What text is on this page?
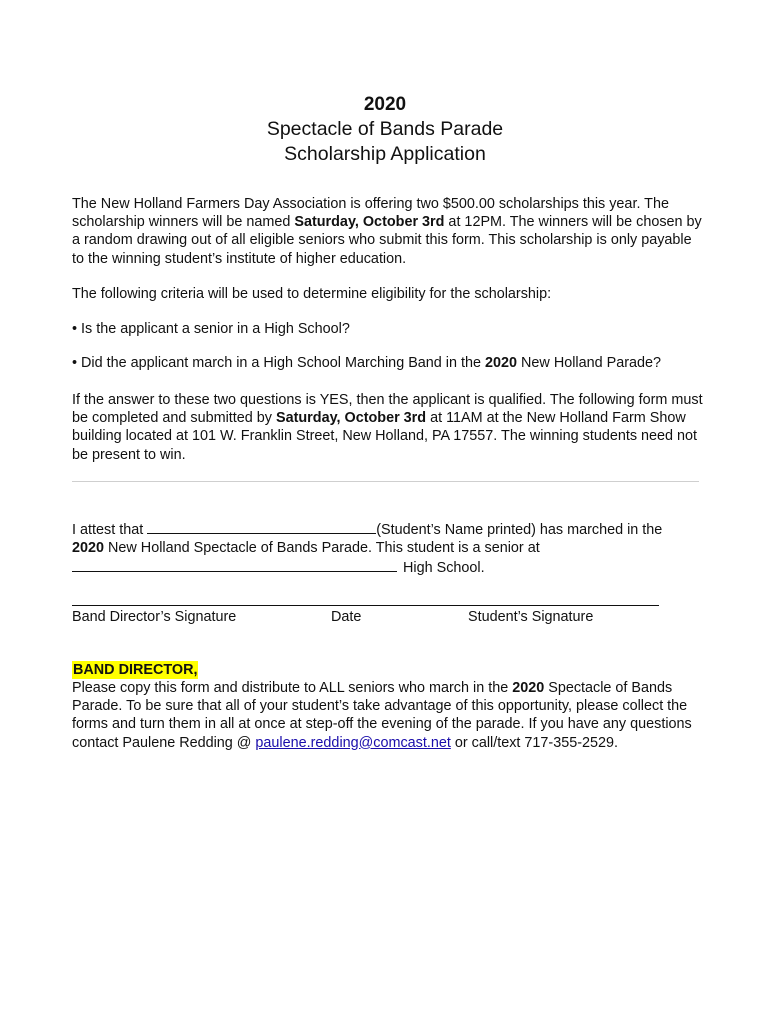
2020
Spectacle of Bands Parade
Scholarship Application
The New Holland Farmers Day Association is offering two $500.00 scholarships this year. The scholarship winners will be named Saturday, October 3rd at 12PM. The winners will be chosen by a random drawing out of all eligible seniors who submit this form. This scholarship is only payable to the winning student’s institute of higher education.
The following criteria will be used to determine eligibility for the scholarship:
• Is the applicant a senior in a High School?
• Did the applicant march in a High School Marching Band in the 2020 New Holland Parade?
If the answer to these two questions is YES, then the applicant is qualified. The following form must be completed and submitted by Saturday, October 3rd at 11AM at the New Holland Farm Show building located at 101 W. Franklin Street, New Holland, PA 17557. The winning students need not be present to win.
I attest that	(Student’s Name printed) has marched in the
2020 New Holland Spectacle of Bands Parade. This student is a senior at
High School.
Band Director’s Signature	Date	Student’s Signature
BAND DIRECTOR,
Please copy this form and distribute to ALL seniors who march in the 2020 Spectacle of Bands Parade. To be sure that all of your student’s take advantage of this opportunity, please collect the forms and turn them in all at once at step-off the evening of the parade. If you have any questions contact Paulene Redding @ paulene.redding@comcast.net or call/text 717-355-2529.
